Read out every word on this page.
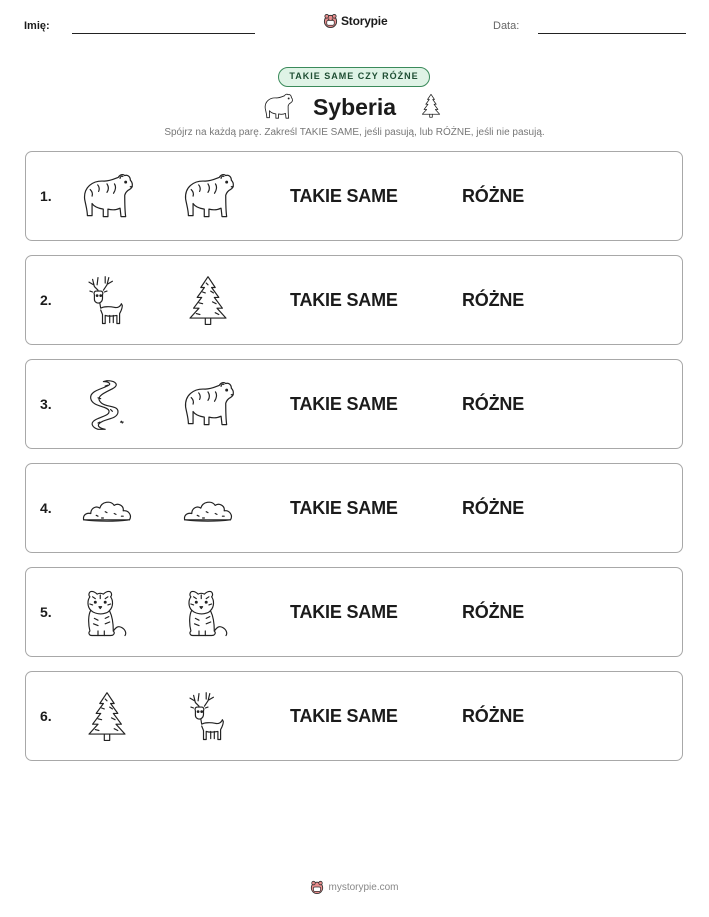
Imię:	Storypie	Data:
TAKIE SAME CZY RÓŻNE
Syberia
Spójrz na każdą parę. Zakreśl TAKIE SAME, jeśli pasują, lub RÓŻNE, jeśli nie pasują.
1.	TAKIE SAME	RÓŻNE
2.	TAKIE SAME	RÓŻNE
3.	TAKIE SAME	RÓŻNE
4.	TAKIE SAME	RÓŻNE
5.	TAKIE SAME	RÓŻNE
6.	TAKIE SAME	RÓŻNE
mystorypie.com
